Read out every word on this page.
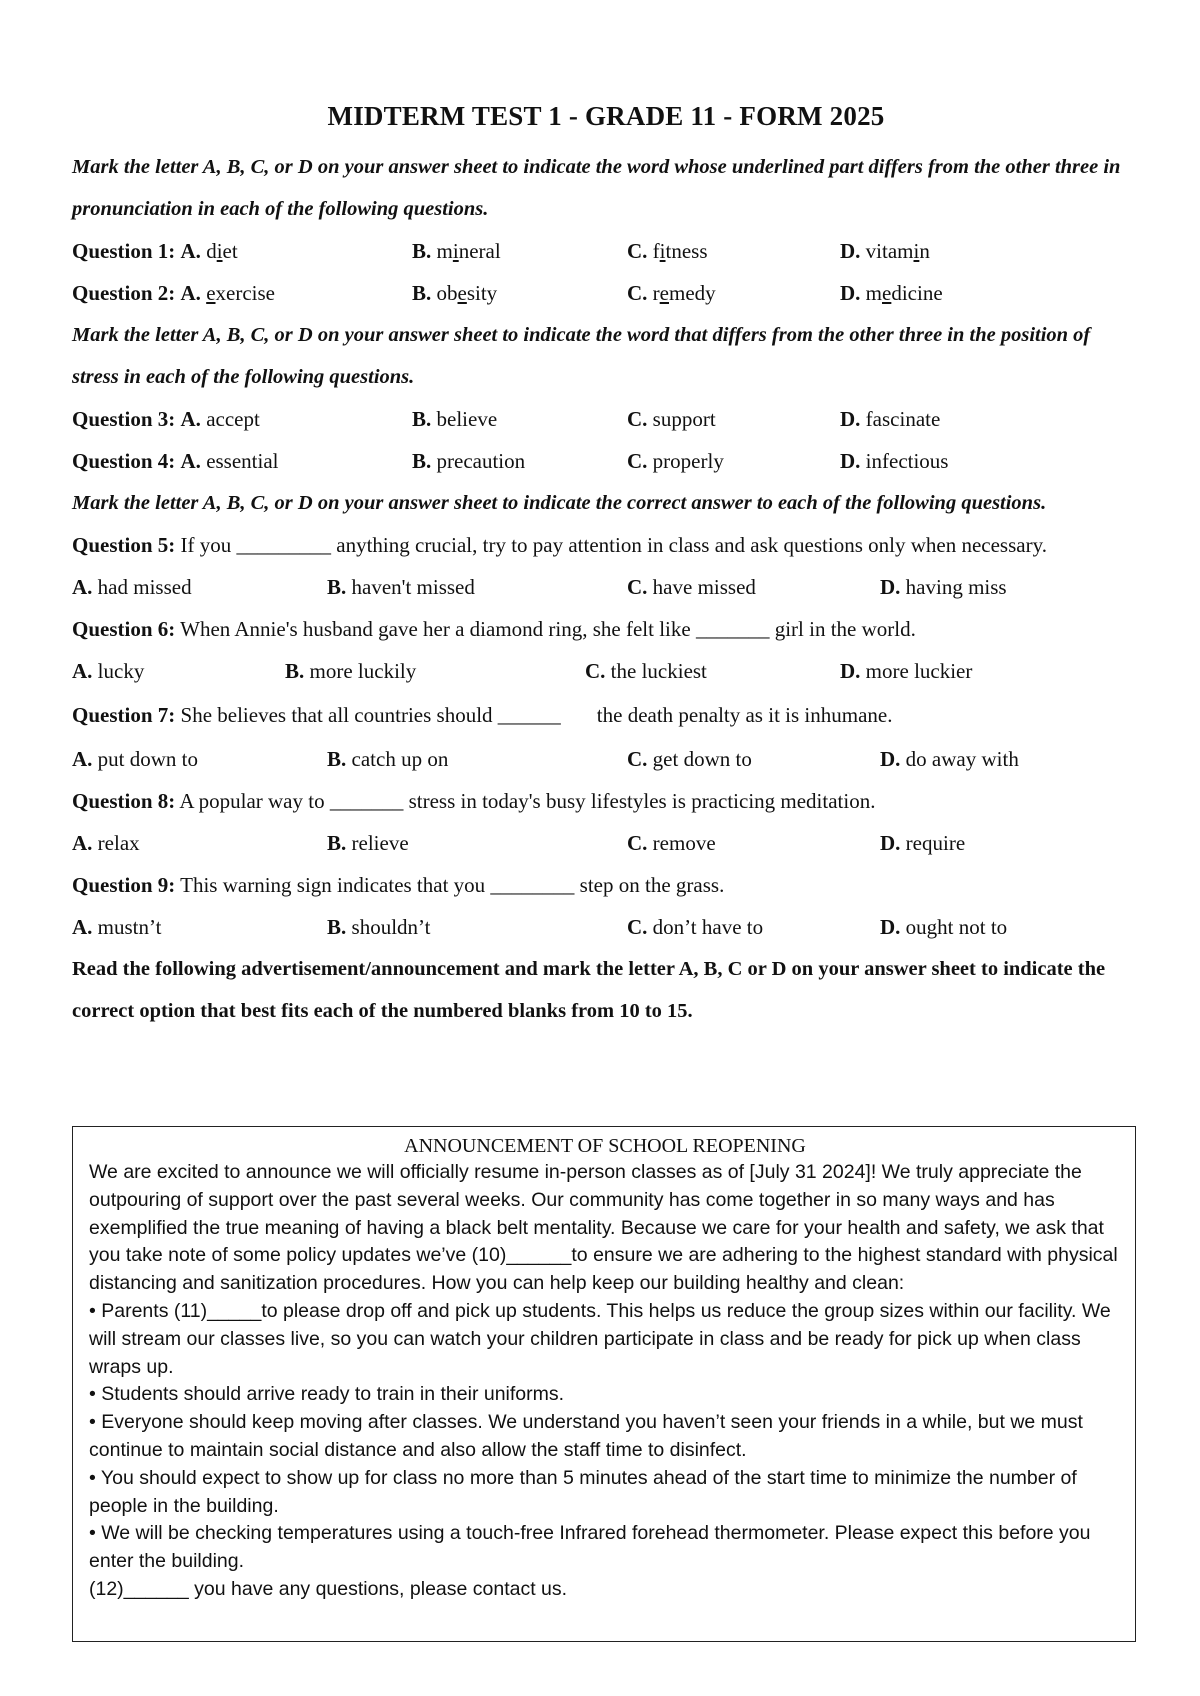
MIDTERM TEST 1 - GRADE 11 - FORM 2025

Mark the letter A, B, C, or D on your answer sheet to indicate the word whose underlined part differs from the other three in pronunciation in each of the following questions.

Question 1: A. diet	B. mineral	C. fitness	D. vitamin
Question 2: A. exercise	B. obesity	C. remedy	D. medicine

Mark the letter A, B, C, or D on your answer sheet to indicate the word that differs from the other three in the position of stress in each of the following questions.

Question 3: A. accept	B. believe	C. support	D. fascinate
Question 4: A. essential	B. precaution	C. properly	D. infectious

Mark the letter A, B, C, or D on your answer sheet to indicate the correct answer to each of the following questions.

Question 5: If you _________ anything crucial, try to pay attention in class and ask questions only when necessary.
A. had missed	B. haven't missed	C. have missed	D. having miss
Question 6: When Annie's husband gave her a diamond ring, she felt like _______ girl in the world.
A. lucky	B. more luckily	C. the luckiest	D. more luckier
Question 7: She believes that all countries should ______ the death penalty as it is inhumane.
A. put down to	B. catch up on	C. get down to	D. do away with
Question 8: A popular way to _______ stress in today's busy lifestyles is practicing meditation.
A. relax	B. relieve	C. remove	D. require
Question 9: This warning sign indicates that you ________ step on the grass.
A. mustn’t	B. shouldn’t	C. don’t have to	D. ought not to

Read the following advertisement/announcement and mark the letter A, B, C or D on your answer sheet to indicate the correct option that best fits each of the numbered blanks from 10 to 15.

ANNOUNCEMENT OF SCHOOL REOPENING

We are excited to announce we will officially resume in-person classes as of [July 31 2024]! We truly appreciate the outpouring of support over the past several weeks. Our community has come together in so many ways and has exemplified the true meaning of having a black belt mentality. Because we care for your health and safety, we ask that you take note of some policy updates we’ve (10)______to ensure we are adhering to the highest standard with physical distancing and sanitization procedures. How you can help keep our building healthy and clean:

• Parents (11)_____to please drop off and pick up students. This helps us reduce the group sizes within our facility. We will stream our classes live, so you can watch your children participate in class and be ready for pick up when class wraps up.

• Students should arrive ready to train in their uniforms.

• Everyone should keep moving after classes. We understand you haven’t seen your friends in a while, but we must continue to maintain social distance and also allow the staff time to disinfect.

• You should expect to show up for class no more than 5 minutes ahead of the start time to minimize the number of people in the building.

• We will be checking temperatures using a touch-free Infrared forehead thermometer. Please expect this before you enter the building.

(12)______ you have any questions, please contact us.
